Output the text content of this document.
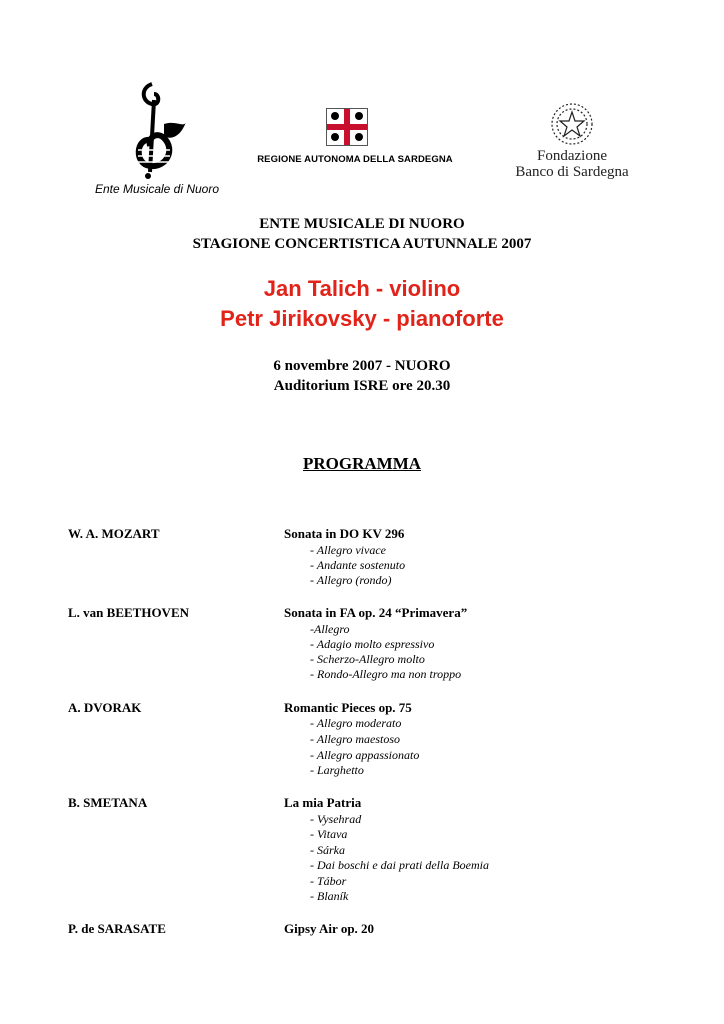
Ente Musicale di Nuoro
REGIONE AUTONOMA DELLA SARDEGNA	Fondazione
Banco di Sardegna
ENTE MUSICALE DI NUORO
STAGIONE CONCERTISTICA AUTUNNALE 2007
Jan Talich - violino
Petr Jirikovsky - pianoforte
6 novembre 2007 - NUORO
Auditorium ISRE ore 20.30
PROGRAMMA
W. A. MOZART	Sonata in DO KV 296
- Allegro vivace
- Andante sostenuto
- Allegro (rondo)
L. van BEETHOVEN	Sonata in FA op. 24 “Primavera”
-Allegro
- Adagio molto espressivo
- Scherzo-Allegro molto
- Rondo-Allegro ma non troppo
A. DVORAK	Romantic Pieces op. 75
- Allegro moderato
- Allegro maestoso
- Allegro appassionato
- Larghetto
B. SMETANA	La mia Patria
- Vysehrad
- Vitava
- Sárka
- Dai boschi e dai prati della Boemia
- Tábor
- Blaník
P. de SARASATE	Gipsy Air op. 20
